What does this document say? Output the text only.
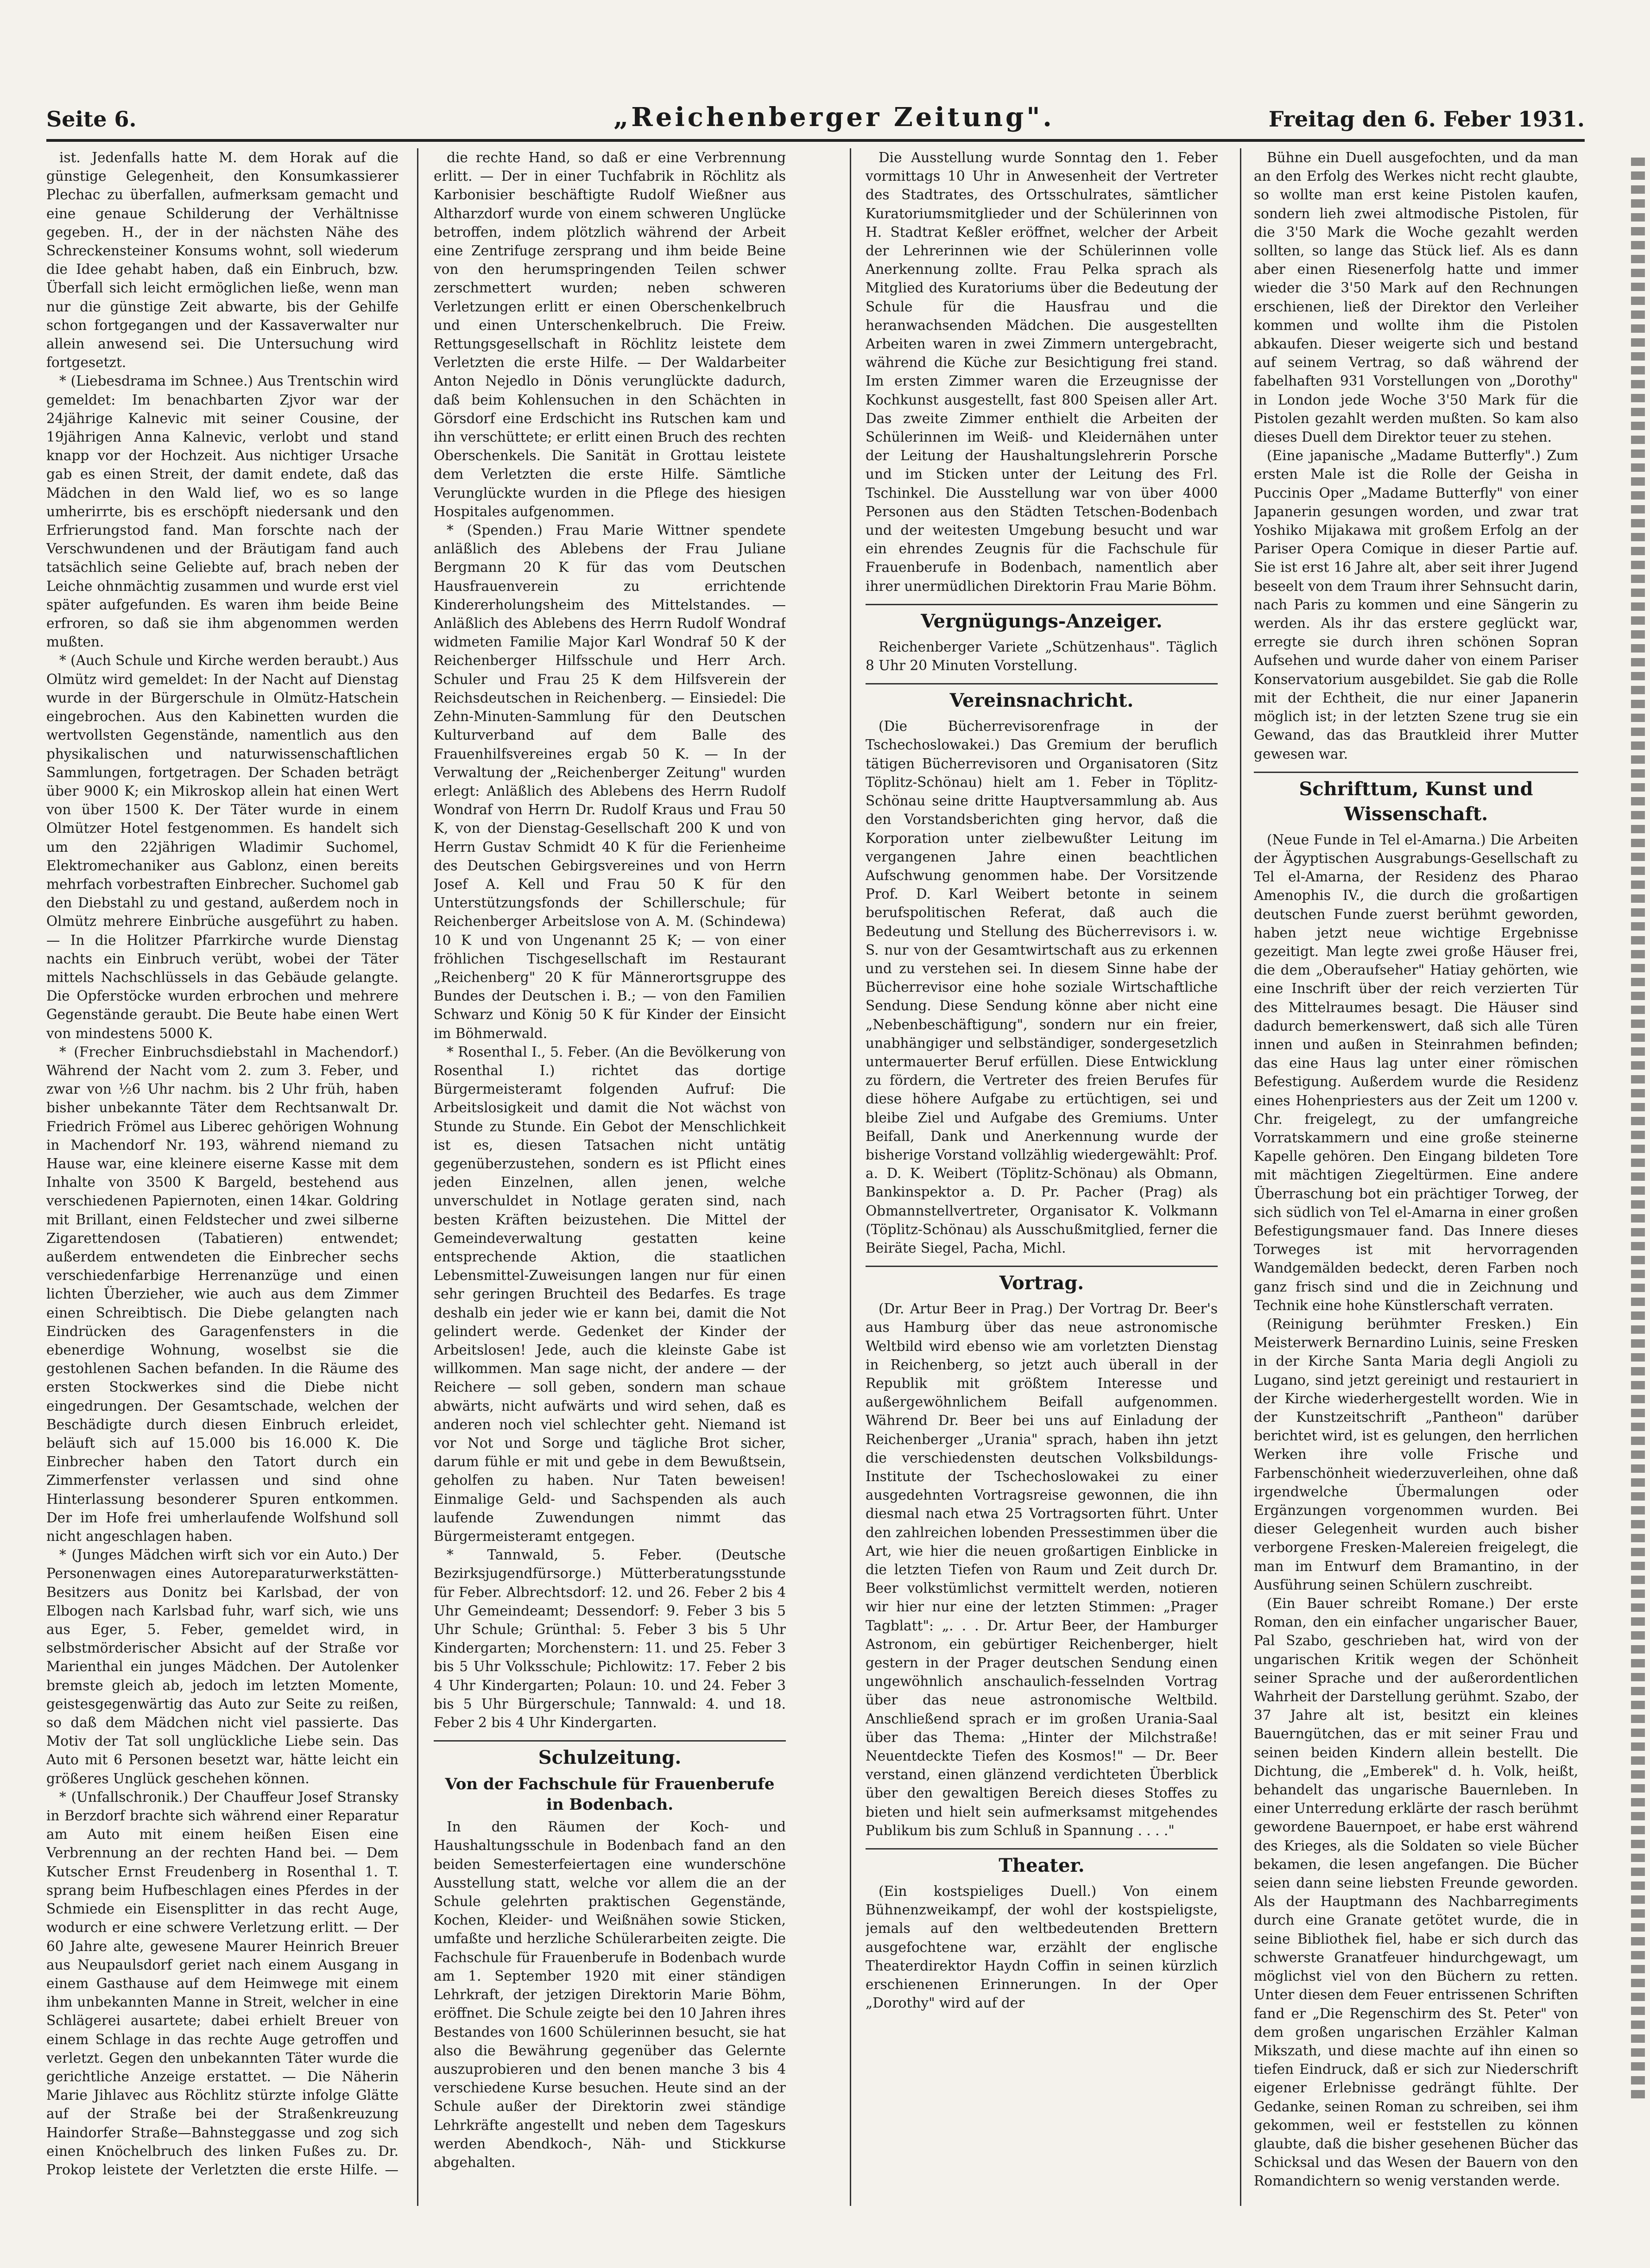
Seite 6.	„Reichenberger Zeitung".	Freitag den 6. Feber 1931.

ist. Jedenfalls hatte M. dem Horak auf die günstige Gelegenheit, den Konsumkassierer Plechac zu überfallen, aufmerksam gemacht und eine genaue Schilderung der Verhältnisse gegeben. H., der in der nächsten Nähe des Schreckensteiner Konsums wohnt, soll wiederum die Idee gehabt haben, daß ein Einbruch, bzw. Überfall sich leicht ermöglichen ließe, wenn man nur die günstige Zeit abwarte, bis der Gehilfe schon fortgegangen und der Kassaverwalter nur allein anwesend sei. Die Untersuchung wird fortgesetzt.

* (Liebesdrama im Schnee.) Aus Trentschin wird gemeldet: Im benachbarten Zjvor war der 24jährige Kalnevic mit seiner Cousine, der 19jährigen Anna Kalnevic, verlobt und stand knapp vor der Hochzeit. Aus nichtiger Ursache gab es einen Streit, der damit endete, daß das Mädchen in den Wald lief, wo es so lange umherirrte, bis es erschöpft niedersank und den Erfrierungstod fand. Man forschte nach der Verschwundenen und der Bräutigam fand auch tatsächlich seine Geliebte auf, brach neben der Leiche ohnmächtig zusammen und wurde erst viel später aufgefunden. Es waren ihm beide Beine erfroren, so daß sie ihm abgenommen werden mußten.

* (Auch Schule und Kirche werden beraubt.) Aus Olmütz wird gemeldet: In der Nacht auf Dienstag wurde in der Bürgerschule in Olmütz-Hatschein eingebrochen. Aus den Kabinetten wurden die wertvollsten Gegenstände, namentlich aus den physikalischen und naturwissenschaftlichen Sammlungen, fortgetragen. Der Schaden beträgt über 9000 K; ein Mikroskop allein hat einen Wert von über 1500 K. Der Täter wurde in einem Olmützer Hotel festgenommen. Es handelt sich um den 22jährigen Wladimir Suchomel, Elektromechaniker aus Gablonz, einen bereits mehrfach vorbestraften Einbrecher. Suchomel gab den Diebstahl zu und gestand, außerdem noch in Olmütz mehrere Einbrüche ausgeführt zu haben. — In die Holitzer Pfarrkirche wurde Dienstag nachts ein Einbruch verübt, wobei der Täter mittels Nachschlüssels in das Gebäude gelangte. Die Opferstöcke wurden erbrochen und mehrere Gegenstände geraubt. Die Beute habe einen Wert von mindestens 5000 K.

* (Frecher Einbruchsdiebstahl in Machendorf.) Während der Nacht vom 2. zum 3. Feber, und zwar von ½6 Uhr nachm. bis 2 Uhr früh, haben bisher unbekannte Täter dem Rechtsanwalt Dr. Friedrich Frömel aus Liberec gehörigen Wohnung in Machendorf Nr. 193, während niemand zu Hause war, eine kleinere eiserne Kasse mit dem Inhalte von 3500 K Bargeld, bestehend aus verschiedenen Papiernoten, einen 14kar. Goldring mit Brillant, einen Feldstecher und zwei silberne Zigarettendosen (Tabatieren) entwendet; außerdem entwendeten die Einbrecher sechs verschiedenfarbige Herrenanzüge und einen lichten Überzieher, wie auch aus dem Zimmer einen Schreibtisch. Die Diebe gelangten nach Eindrücken des Garagenfensters in die ebenerdige Wohnung, woselbst sie die gestohlenen Sachen befanden. In die Räume des ersten Stockwerkes sind die Diebe nicht eingedrungen. Der Gesamtschade, welchen der Beschädigte durch diesen Einbruch erleidet, beläuft sich auf 15.000 bis 16.000 K. Die Einbrecher haben den Tatort durch ein Zimmerfenster verlassen und sind ohne Hinterlassung besonderer Spuren entkommen. Der im Hofe frei umherlaufende Wolfshund soll nicht angeschlagen haben.

* (Junges Mädchen wirft sich vor ein Auto.) Der Personenwagen eines Autoreparaturwerkstätten-Besitzers aus Donitz bei Karlsbad, der von Elbogen nach Karlsbad fuhr, warf sich, wie uns aus Eger, 5. Feber, gemeldet wird, in selbstmörderischer Absicht auf der Straße vor Marienthal ein junges Mädchen. Der Autolenker bremste gleich ab, jedoch im letzten Momente, geistesgegenwärtig das Auto zur Seite zu reißen, so daß dem Mädchen nicht viel passierte. Das Motiv der Tat soll unglückliche Liebe sein. Das Auto mit 6 Personen besetzt war, hätte leicht ein größeres Unglück geschehen können.

* (Unfallschronik.) Der Chauffeur Josef Stransky in Berzdorf brachte sich während einer Reparatur am Auto mit einem heißen Eisen eine Verbrennung an der rechten Hand bei. — Dem Kutscher Ernst Freudenberg in Rosenthal 1. T. sprang beim Hufbeschlagen eines Pferdes in der Schmiede ein Eisensplitter in das recht Auge, wodurch er eine schwere Verletzung erlitt. — Der 60 Jahre alte, gewesene Maurer Heinrich Breuer aus Neupaulsdorf geriet nach einem Ausgang in einem Gasthause auf dem Heimwege mit einem ihm unbekannten Manne in Streit, welcher in eine Schlägerei ausartete; dabei erhielt Breuer von einem Schlage in das rechte Auge getroffen und verletzt. Gegen den unbekannten Täter wurde die gerichtliche Anzeige erstattet. — Die Näherin Marie Jihlavec aus Röchlitz stürzte infolge Glätte auf der Straße bei der Straßenkreuzung Haindorfer Straße—Bahnsteggasse und zog sich einen Knöchelbruch des linken Fußes zu. Dr. Prokop leistete der Verletzten die erste Hilfe. —

die rechte Hand, so daß er eine Verbrennung erlitt. — Der in einer Tuchfabrik in Röchlitz als Karbonisier beschäftigte Rudolf Wießner aus Altharzdorf wurde von einem schweren Unglücke betroffen, indem plötzlich während der Arbeit eine Zentrifuge zersprang und ihm beide Beine von den herumspringenden Teilen schwer zerschmettert wurden; neben schweren Verletzungen erlitt er einen Oberschenkelbruch und einen Unterschenkelbruch. Die Freiw. Rettungsgesellschaft in Röchlitz leistete dem Verletzten die erste Hilfe. — Der Waldarbeiter Anton Nejedlo in Dönis verunglückte dadurch, daß beim Kohlensuchen in den Schächten in Görsdorf eine Erdschicht ins Rutschen kam und ihn verschüttete; er erlitt einen Bruch des rechten Oberschenkels. Die Sanität in Grottau leistete dem Verletzten die erste Hilfe. Sämtliche Verunglückte wurden in die Pflege des hiesigen Hospitales aufgenommen.

* (Spenden.) Frau Marie Wittner spendete anläßlich des Ablebens der Frau Juliane Bergmann 20 K für das vom Deutschen Hausfrauenverein zu errichtende Kindererholungsheim des Mittelstandes. — Anläßlich des Ablebens des Herrn Rudolf Wondraf widmeten Familie Major Karl Wondraf 50 K der Reichenberger Hilfsschule und Herr Arch. Schuler und Frau 25 K dem Hilfsverein der Reichsdeutschen in Reichenberg. — Einsiedel: Die Zehn-Minuten-Sammlung für den Deutschen Kulturverband auf dem Balle des Frauenhilfsvereines ergab 50 K. — In der Verwaltung der „Reichenberger Zeitung" wurden erlegt: Anläßlich des Ablebens des Herrn Rudolf Wondraf von Herrn Dr. Rudolf Kraus und Frau 50 K, von der Dienstag-Gesellschaft 200 K und von Herrn Gustav Schmidt 40 K für die Ferienheime des Deutschen Gebirgsvereines und von Herrn Josef A. Kell und Frau 50 K für den Unterstützungsfonds der Schillerschule; für Reichenberger Arbeitslose von A. M. (Schindewa) 10 K und von Ungenannt 25 K; — von einer fröhlichen Tischgesellschaft im Restaurant „Reichenberg" 20 K für Männerortsgruppe des Bundes der Deutschen i. B.; — von den Familien Schwarz und König 50 K für Kinder der Einsicht im Böhmerwald.

* Rosenthal I., 5. Feber. (An die Bevölkerung von Rosenthal I.) richtet das dortige Bürgermeisteramt folgenden Aufruf: Die Arbeitslosigkeit und damit die Not wächst von Stunde zu Stunde. Ein Gebot der Menschlichkeit ist es, diesen Tatsachen nicht untätig gegenüberzustehen, sondern es ist Pflicht eines jeden Einzelnen, allen jenen, welche unverschuldet in Notlage geraten sind, nach besten Kräften beizustehen. Die Mittel der Gemeindeverwaltung gestatten keine entsprechende Aktion, die staatlichen Lebensmittel-Zuweisungen langen nur für einen sehr geringen Bruchteil des Bedarfes. Es trage deshalb ein jeder wie er kann bei, damit die Not gelindert werde. Gedenket der Kinder der Arbeitslosen! Jede, auch die kleinste Gabe ist willkommen. Man sage nicht, der andere — der Reichere — soll geben, sondern man schaue abwärts, nicht aufwärts und wird sehen, daß es anderen noch viel schlechter geht. Niemand ist vor Not und Sorge und tägliche Brot sicher, darum fühle er mit und gebe in dem Bewußtsein, geholfen zu haben. Nur Taten beweisen! Einmalige Geld- und Sachspenden als auch laufende Zuwendungen nimmt das Bürgermeisteramt entgegen.

* Tannwald, 5. Feber. (Deutsche Bezirksjugendfürsorge.) Mütterberatungsstunde für Feber. Albrechtsdorf: 12. und 26. Feber 2 bis 4 Uhr Gemeindeamt; Dessendorf: 9. Feber 3 bis 5 Uhr Schule; Grünthal: 5. Feber 3 bis 5 Uhr Kindergarten; Morchenstern: 11. und 25. Feber 3 bis 5 Uhr Volksschule; Pichlowitz: 17. Feber 2 bis 4 Uhr Kindergarten; Polaun: 10. und 24. Feber 3 bis 5 Uhr Bürgerschule; Tannwald: 4. und 18. Feber 2 bis 4 Uhr Kindergarten.

Schulzeitung.
Von der Fachschule für Frauenberufe in Bodenbach.

In den Räumen der Koch- und Haushaltungsschule in Bodenbach fand an den beiden Semesterfeiertagen eine wunderschöne Ausstellung statt, welche vor allem die an der Schule gelehrten praktischen Gegenstände, Kochen, Kleider- und Weißnähen sowie Sticken, umfaßte und herzliche Schülerarbeiten zeigte. Die Fachschule für Frauenberufe in Bodenbach wurde am 1. September 1920 mit einer ständigen Lehrkraft, der jetzigen Direktorin Marie Böhm, eröffnet. Die Schule zeigte bei den 10 Jahren ihres Bestandes von 1600 Schülerinnen besucht, sie hat also die Bewährung gegenüber das Gelernte auszuprobieren und den benen manche 3 bis 4 verschiedene Kurse besuchen. Heute sind an der Schule außer der Direktorin zwei ständige Lehrkräfte angestellt und neben dem Tageskurs werden Abendkoch-, Näh- und Stickkurse abgehalten.

Die Ausstellung wurde Sonntag den 1. Feber vormittags 10 Uhr in Anwesenheit der Vertreter des Stadtrates, des Ortsschulrates, sämtlicher Kuratoriumsmitglieder und der Schülerinnen von H. Stadtrat Keßler eröffnet, welcher der Arbeit der Lehrerinnen wie der Schülerinnen volle Anerkennung zollte. Frau Pelka sprach als Mitglied des Kuratoriums über die Bedeutung der Schule für die Hausfrau und die heranwachsenden Mädchen. Die ausgestellten Arbeiten waren in zwei Zimmern untergebracht, während die Küche zur Besichtigung frei stand. Im ersten Zimmer waren die Erzeugnisse der Kochkunst ausgestellt, fast 800 Speisen aller Art. Das zweite Zimmer enthielt die Arbeiten der Schülerinnen im Weiß- und Kleidernähen unter der Leitung der Haushaltungslehrerin Porsche und im Sticken unter der Leitung des Frl. Tschinkel. Die Ausstellung war von über 4000 Personen aus den Städten Tetschen-Bodenbach und der weitesten Umgebung besucht und war ein ehrendes Zeugnis für die Fachschule für Frauenberufe in Bodenbach, namentlich aber ihrer unermüdlichen Direktorin Frau Marie Böhm.

Vergnügungs-Anzeiger.

Reichenberger Variete „Schützenhaus". Täglich 8 Uhr 20 Minuten Vorstellung.

Vereinsnachricht.

(Die Bücherrevisorenfrage in der Tschechoslowakei.) Das Gremium der beruflich tätigen Bücherrevisoren und Organisatoren (Sitz Töplitz-Schönau) hielt am 1. Feber in Töplitz-Schönau seine dritte Hauptversammlung ab. Aus den Vorstandsberichten ging hervor, daß die Korporation unter zielbewußter Leitung im vergangenen Jahre einen beachtlichen Aufschwung genommen habe. Der Vorsitzende Prof. D. Karl Weibert betonte in seinem berufspolitischen Referat, daß auch die Bedeutung und Stellung des Bücherrevisors i. w. S. nur von der Gesamtwirtschaft aus zu erkennen und zu verstehen sei. In diesem Sinne habe der Bücherrevisor eine hohe soziale Wirtschaftliche Sendung. Diese Sendung könne aber nicht eine „Nebenbeschäftigung", sondern nur ein freier, unabhängiger und selbständiger, sondergesetzlich untermauerter Beruf erfüllen. Diese Entwicklung zu fördern, die Vertreter des freien Berufes für diese höhere Aufgabe zu ertüchtigen, sei und bleibe Ziel und Aufgabe des Gremiums. Unter Beifall, Dank und Anerkennung wurde der bisherige Vorstand vollzählig wiedergewählt: Prof. a. D. K. Weibert (Töplitz-Schönau) als Obmann, Bankinspektor a. D. Pr. Pacher (Prag) als Obmannstellvertreter, Organisator K. Volkmann (Töplitz-Schönau) als Ausschußmitglied, ferner die Beiräte Siegel, Pacha, Michl.

Vortrag.

(Dr. Artur Beer in Prag.) Der Vortrag Dr. Beer's aus Hamburg über das neue astronomische Weltbild wird ebenso wie am vorletzten Dienstag in Reichenberg, so jetzt auch überall in der Republik mit größtem Interesse und außergewöhnlichem Beifall aufgenommen. Während Dr. Beer bei uns auf Einladung der Reichenberger „Urania" sprach, haben ihn jetzt die verschiedensten deutschen Volksbildungs-Institute der Tschechoslowakei zu einer ausgedehnten Vortragsreise gewonnen, die ihn diesmal nach etwa 25 Vortragsorten führt. Unter den zahlreichen lobenden Pressestimmen über die Art, wie hier die neuen großartigen Einblicke in die letzten Tiefen von Raum und Zeit durch Dr. Beer volkstümlichst vermittelt werden, notieren wir hier nur eine der letzten Stimmen: „Prager Tagblatt": „. . . Dr. Artur Beer, der Hamburger Astronom, ein gebürtiger Reichenberger, hielt gestern in der Prager deutschen Sendung einen ungewöhnlich anschaulich-fesselnden Vortrag über das neue astronomische Weltbild. Anschließend sprach er im großen Urania-Saal über das Thema: „Hinter der Milchstraße! Neuentdeckte Tiefen des Kosmos!" — Dr. Beer verstand, einen glänzend verdichteten Überblick über den gewaltigen Bereich dieses Stoffes zu bieten und hielt sein aufmerksamst mitgehendes Publikum bis zum Schluß in Spannung . . . ."

Theater.

(Ein kostspieliges Duell.) Von einem Bühnenzweikampf, der wohl der kostspieligste, jemals auf den weltbedeutenden Brettern ausgefochtene war, erzählt der englische Theaterdirektor Haydn Coffin in seinen kürzlich erschienenen Erinnerungen. In der Oper „Dorothy" wird auf der

Bühne ein Duell ausgefochten, und da man an den Erfolg des Werkes nicht recht glaubte, so wollte man erst keine Pistolen kaufen, sondern lieh zwei altmodische Pistolen, für die 3'50 Mark die Woche gezahlt werden sollten, so lange das Stück lief. Als es dann aber einen Riesenerfolg hatte und immer wieder die 3'50 Mark auf den Rechnungen erschienen, ließ der Direktor den Verleiher kommen und wollte ihm die Pistolen abkaufen. Dieser weigerte sich und bestand auf seinem Vertrag, so daß während der fabelhaften 931 Vorstellungen von „Dorothy" in London jede Woche 3'50 Mark für die Pistolen gezahlt werden mußten. So kam also dieses Duell dem Direktor teuer zu stehen.

(Eine japanische „Madame Butterfly".) Zum ersten Male ist die Rolle der Geisha in Puccinis Oper „Madame Butterfly" von einer Japanerin gesungen worden, und zwar trat Yoshiko Mijakawa mit großem Erfolg an der Pariser Opera Comique in dieser Partie auf. Sie ist erst 16 Jahre alt, aber seit ihrer Jugend beseelt von dem Traum ihrer Sehnsucht darin, nach Paris zu kommen und eine Sängerin zu werden. Als ihr das erstere geglückt war, erregte sie durch ihren schönen Sopran Aufsehen und wurde daher von einem Pariser Konservatorium ausgebildet. Sie gab die Rolle mit der Echtheit, die nur einer Japanerin möglich ist; in der letzten Szene trug sie ein Gewand, das das Brautkleid ihrer Mutter gewesen war.

Schrifttum, Kunst und Wissenschaft.

(Neue Funde in Tel el-Amarna.) Die Arbeiten der Ägyptischen Ausgrabungs-Gesellschaft zu Tel el-Amarna, der Residenz des Pharao Amenophis IV., die durch die großartigen deutschen Funde zuerst berühmt geworden, haben jetzt neue wichtige Ergebnisse gezeitigt. Man legte zwei große Häuser frei, die dem „Oberaufseher" Hatiay gehörten, wie eine Inschrift über der reich verzierten Tür des Mittelraumes besagt. Die Häuser sind dadurch bemerkenswert, daß sich alle Türen innen und außen in Steinrahmen befinden; das eine Haus lag unter einer römischen Befestigung. Außerdem wurde die Residenz eines Hohenpriesters aus der Zeit um 1200 v. Chr. freigelegt, zu der umfangreiche Vorratskammern und eine große steinerne Kapelle gehören. Den Eingang bildeten Tore mit mächtigen Ziegeltürmen. Eine andere Überraschung bot ein prächtiger Torweg, der sich südlich von Tel el-Amarna in einer großen Befestigungsmauer fand. Das Innere dieses Torweges ist mit hervorragenden Wandgemälden bedeckt, deren Farben noch ganz frisch sind und die in Zeichnung und Technik eine hohe Künstlerschaft verraten.

(Reinigung berühmter Fresken.) Ein Meisterwerk Bernardino Luinis, seine Fresken in der Kirche Santa Maria degli Angioli zu Lugano, sind jetzt gereinigt und restauriert in der Kirche wiederhergestellt worden. Wie in der Kunstzeitschrift „Pantheon" darüber berichtet wird, ist es gelungen, den herrlichen Werken ihre volle Frische und Farbenschönheit wiederzuverleihen, ohne daß irgendwelche Übermalungen oder Ergänzungen vorgenommen wurden. Bei dieser Gelegenheit wurden auch bisher verborgene Fresken-Malereien freigelegt, die man im Entwurf dem Bramantino, in der Ausführung seinen Schülern zuschreibt.

(Ein Bauer schreibt Romane.) Der erste Roman, den ein einfacher ungarischer Bauer, Pal Szabo, geschrieben hat, wird von der ungarischen Kritik wegen der Schönheit seiner Sprache und der außerordentlichen Wahrheit der Darstellung gerühmt. Szabo, der 37 Jahre alt ist, besitzt ein kleines Bauerngütchen, das er mit seiner Frau und seinen beiden Kindern allein bestellt. Die Dichtung, die „Emberek" d. h. Volk, heißt, behandelt das ungarische Bauernleben. In einer Unterredung erklärte der rasch berühmt gewordene Bauernpoet, er habe erst während des Krieges, als die Soldaten so viele Bücher bekamen, die lesen angefangen. Die Bücher seien dann seine liebsten Freunde geworden. Als der Hauptmann des Nachbarregiments durch eine Granate getötet wurde, die in seine Bibliothek fiel, habe er sich durch das schwerste Granatfeuer hindurchgewagt, um möglichst viel von den Büchern zu retten. Unter diesen dem Feuer entrissenen Schriften fand er „Die Regenschirm des St. Peter" von dem großen ungarischen Erzähler Kalman Mikszath, und diese machte auf ihn einen so tiefen Eindruck, daß er sich zur Niederschrift eigener Erlebnisse gedrängt fühlte. Der Gedanke, seinen Roman zu schreiben, sei ihm gekommen, weil er feststellen zu können glaubte, daß die bisher gesehenen Bücher das Schicksal und das Wesen der Bauern von den Romandichtern so wenig verstanden werde.
